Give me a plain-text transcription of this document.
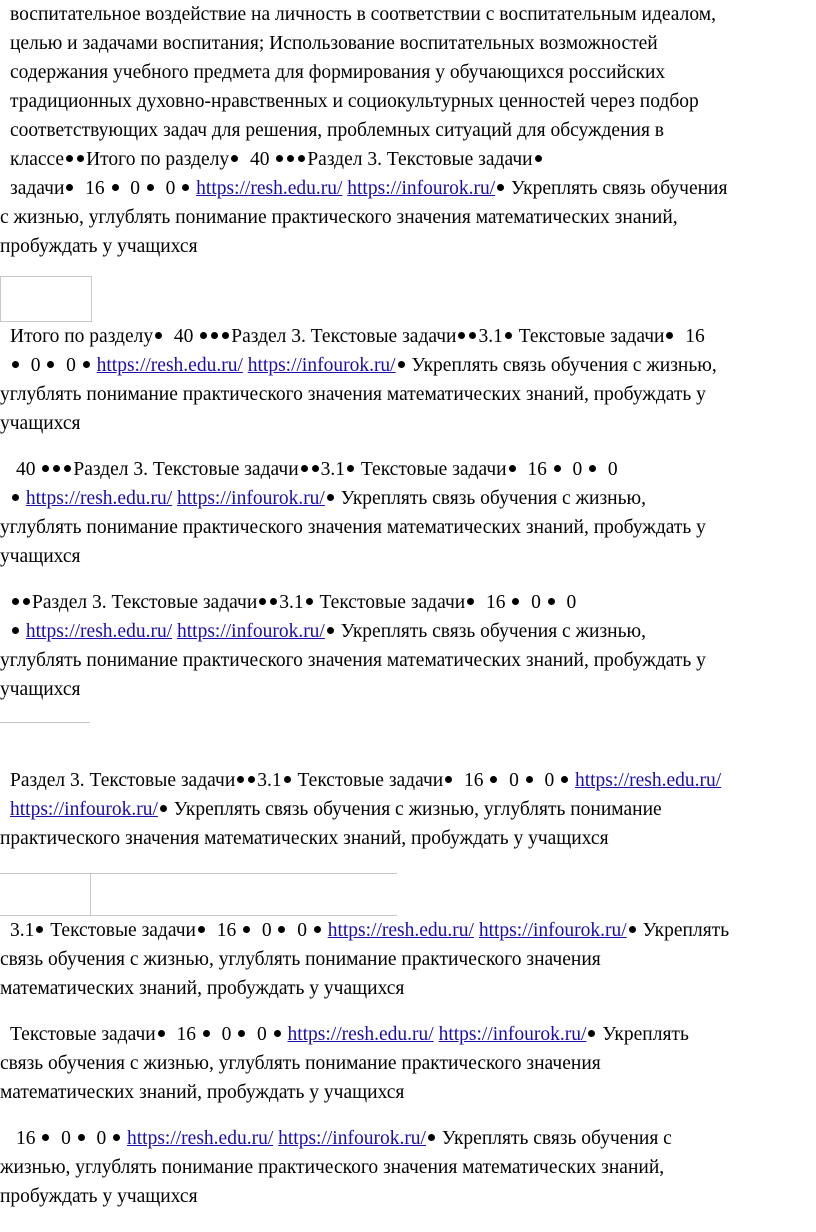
воспитательное воздействие на личность в соответствии с воспитательным идеалом,
целью и задачами воспитания; Использование воспитательных возможностей
содержания учебного предмета для формирования у обучающихся российских
традиционных духовно-нравственных и социокультурных ценностей через подбор
соответствующих задач для решения, проблемных ситуаций для обсуждения в
классе Итого по разделу 40 Раздел 3. Текстовые задачи
задачи 16 0 0 https://resh.edu.ru/ https://infourok.ru/ Укреплять связь обучения
с жизнью, углублять понимание практического значения математических знаний,
пробуждать у учащихся
Итого по разделу 40 Раздел 3. Текстовые задачи 3.1 Текстовые задачи 16
0 0 https://resh.edu.ru/ https://infourok.ru/ Укреплять связь обучения с жизнью,
углублять понимание практического значения математических знаний, пробуждать у
учащихся
40 Раздел 3. Текстовые задачи 3.1 Текстовые задачи 16 0 0
https://resh.edu.ru/ https://infourok.ru/ Укреплять связь обучения с жизнью,
углублять понимание практического значения математических знаний, пробуждать у
учащихся
Раздел 3. Текстовые задачи 3.1 Текстовые задачи 16 0 0
https://resh.edu.ru/ https://infourok.ru/ Укреплять связь обучения с жизнью,
углублять понимание практического значения математических знаний, пробуждать у
учащихся
Раздел 3. Текстовые задачи 3.1 Текстовые задачи 16 0 0 https://resh.edu.ru/
https://infourok.ru/ Укреплять связь обучения с жизнью, углублять понимание
практического значения математических знаний, пробуждать у учащихся
3.1 Текстовые задачи 16 0 0 https://resh.edu.ru/ https://infourok.ru/ Укреплять
связь обучения с жизнью, углублять понимание практического значения
математических знаний, пробуждать у учащихся
Текстовые задачи 16 0 0 https://resh.edu.ru/ https://infourok.ru/ Укреплять
связь обучения с жизнью, углублять понимание практического значения
математических знаний, пробуждать у учащихся
16 0 0 https://resh.edu.ru/ https://infourok.ru/ Укреплять связь обучения с
жизнью, углублять понимание практического значения математических знаний,
пробуждать у учащихся
